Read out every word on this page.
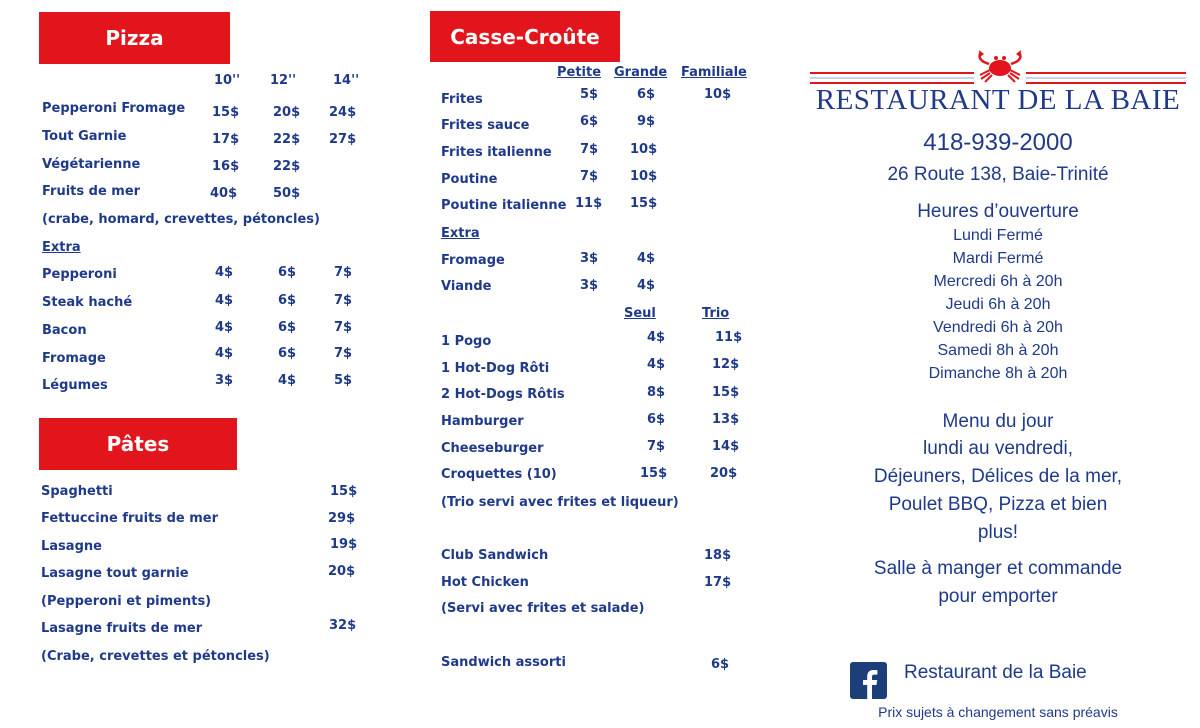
Pizza
10'' 12''	14''
Pepperoni Fromage 15$	20$ 24$
Tout Garnie	17$	22$ 27$
Végétarienne	16$	22$
Fruits de mer	40$	50$
(crabe, homard, crevettes, pétoncles)
Extra
Pepperoni	4$	6$	7$
Steak haché	4$	6$	7$
Bacon	4$	6$	7$
Fromage	4$	6$	7$
Légumes	3$	4$	5$
Pâtes
Spaghetti	15$
Fettuccine fruits de mer	29$
Lasagne	19$
Lasagne tout garnie	20$
(Pepperoni et piments)
Lasagne fruits de mer	32$
(Crabe, crevettes et pétoncles)
Casse-Croûte
Petite Grande Familiale
Frites	5$	6$	10$
Frites sauce	6$	9$
Frites italienne 7$ 10$
Poutine	7$ 10$
Poutine italienne 11$ 15$
Extra
Fromage	3$	4$
Viande	3$	4$
Seul	Trio
1 Pogo	4$	11$
1 Hot-Dog Rôti	4$	12$
2 Hot-Dogs Rôtis	8$	15$
Hamburger	6$	13$
Cheeseburger	7$	14$
Croquettes (10)	15$	20$
(Trio servi avec frites et liqueur)
Club Sandwich	18$
Hot Chicken	17$
(Servi avec frites et salade)
Sandwich assorti	6$
RESTAURANT DE LA BAIE
418-939-2000
26 Route 138, Baie-Trinité
Heures d’ouverture
Lundi Fermé
Mardi Fermé
Mercredi 6h à 20h
Jeudi 6h à 20h
Vendredi 6h à 20h
Samedi 8h à 20h
Dimanche 8h à 20h
Menu du jour
lundi au vendredi,
Déjeuners, Délices de la mer,
Poulet BBQ, Pizza et bien
plus!
Salle à manger et commande
pour emporter
Restaurant de la Baie
Prix sujets à changement sans préavis
